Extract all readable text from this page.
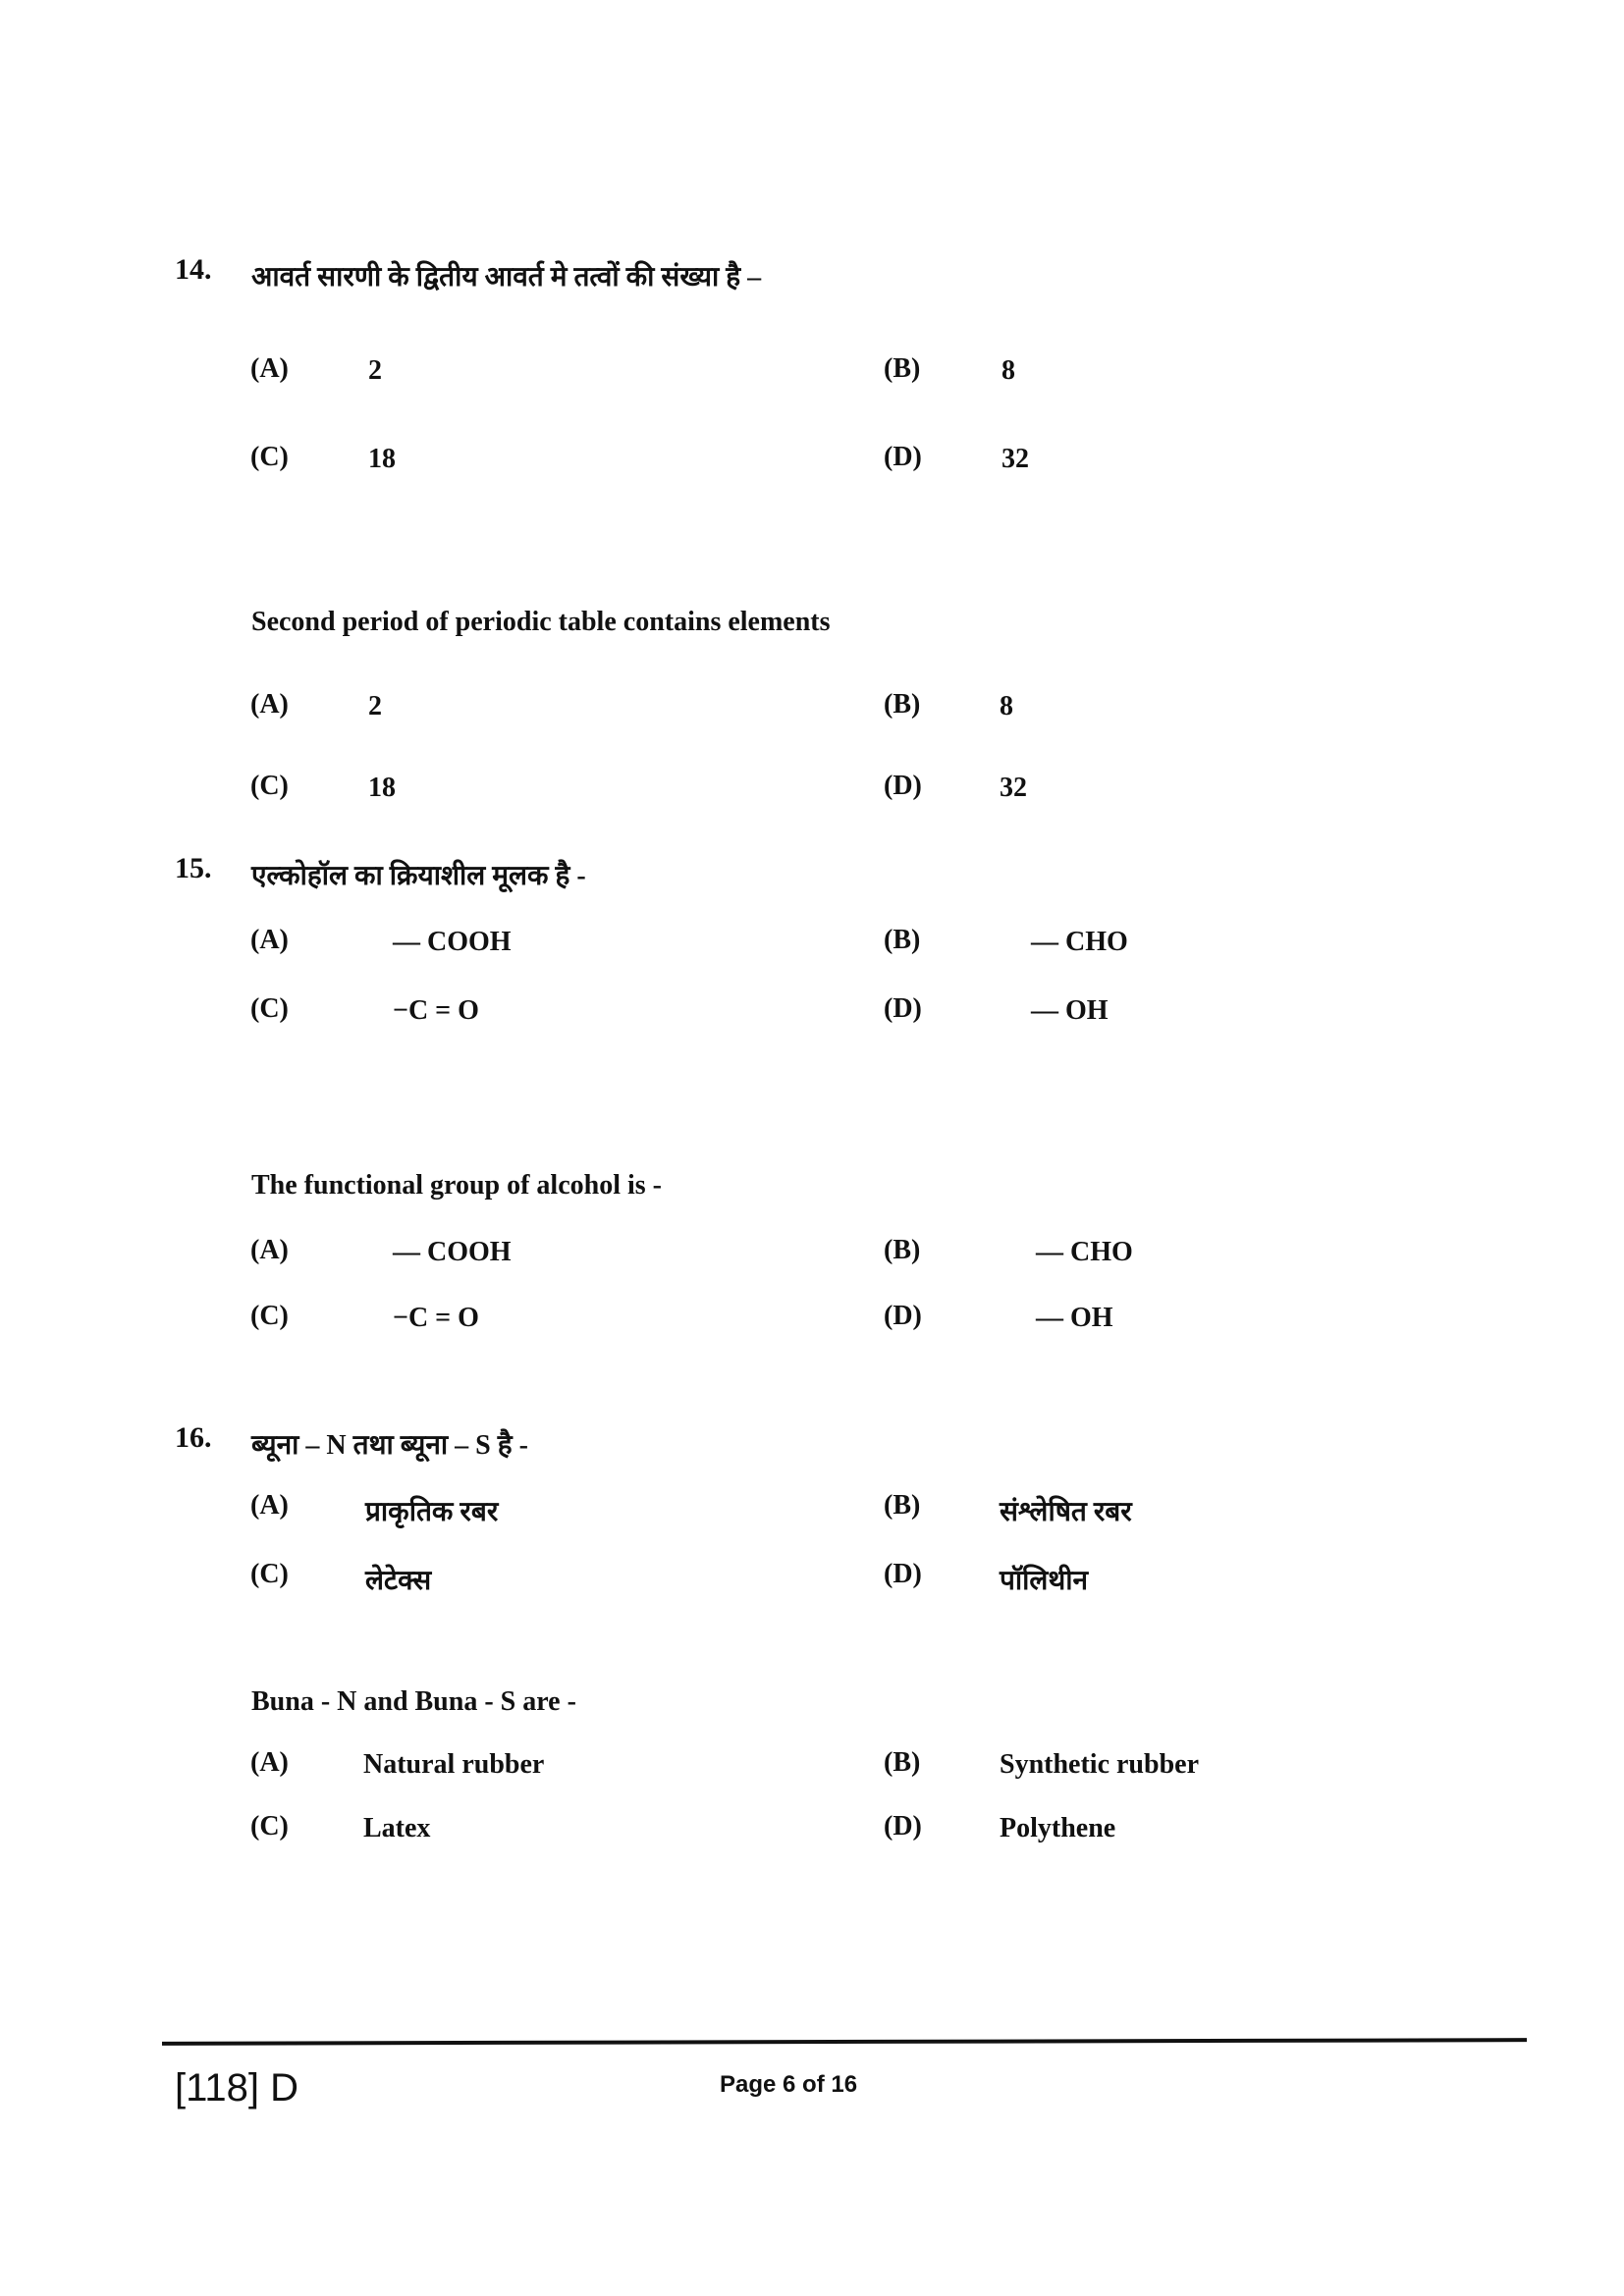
14. आवर्त सारणी के द्वितीय आवर्त मे तत्वों की संख्या है –
(A)	2	(B)	8
(C)	18	(D)	32
Second period of periodic table contains elements
(A)	2	(B)	8
(C)	18	(D)	32
15. एल्कोहॉल का क्रियाशील मूलक है -
(A)	— COOH	(B)	— CHO
(C)	−C = O	(D)	— OH
The functional group of alcohol is -
(A)	— COOH	(B)	— CHO
(C)	−C = O	(D)	— OH
16. ब्यूना – N तथा ब्यूना – S है -
(A)	प्राकृतिक रबर	(B)	संश्लेषित रबर
(C)	लेटेक्स	(D)	पॉलिथीन
Buna - N and Buna - S are -
(A)	Natural rubber	(B)	Synthetic rubber
(C)	Latex	(D)	Polythene
[118] D	Page 6 of 16
